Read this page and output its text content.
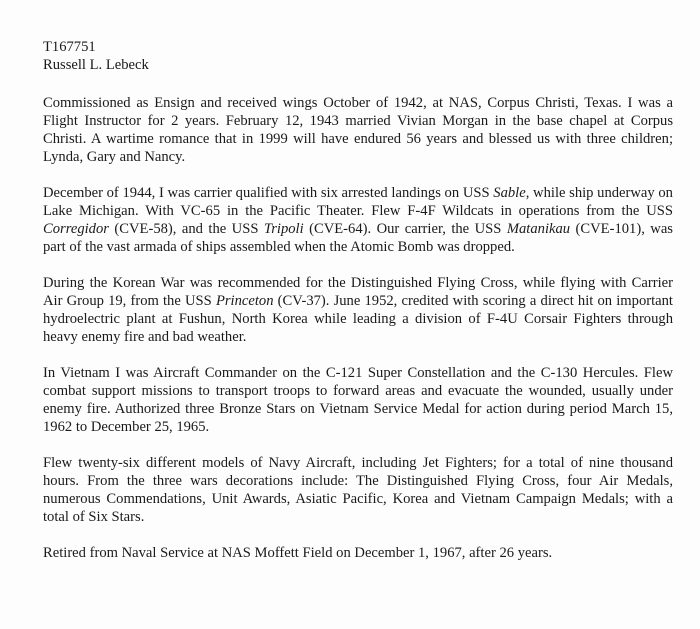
T167751
Russell L. Lebeck

Commissioned as Ensign and received wings October of 1942, at NAS, Corpus Christi, Texas. I was a Flight Instructor for 2 years. February 12, 1943 married Vivian Morgan in the base chapel at Corpus Christi. A wartime romance that in 1999 will have endured 56 years and blessed us with three children; Lynda, Gary and Nancy.

December of 1944, I was carrier qualified with six arrested landings on USS Sable, while ship underway on Lake Michigan. With VC-65 in the Pacific Theater. Flew F-4F Wildcats in operations from the USS Corregidor (CVE-58), and the USS Tripoli (CVE-64). Our carrier, the USS Matanikau (CVE-101), was part of the vast armada of ships assembled when the Atomic Bomb was dropped.

During the Korean War was recommended for the Distinguished Flying Cross, while flying with Carrier Air Group 19, from the USS Princeton (CV-37). June 1952, credited with scoring a direct hit on important hydroelectric plant at Fushun, North Korea while leading a division of F-4U Corsair Fighters through heavy enemy fire and bad weather.

In Vietnam I was Aircraft Commander on the C-121 Super Constellation and the C-130 Hercules. Flew combat support missions to transport troops to forward areas and evacuate the wounded, usually under enemy fire. Authorized three Bronze Stars on Vietnam Service Medal for action during period March 15, 1962 to December 25, 1965.

Flew twenty-six different models of Navy Aircraft, including Jet Fighters; for a total of nine thousand hours. From the three wars decorations include: The Distinguished Flying Cross, four Air Medals, numerous Commendations, Unit Awards, Asiatic Pacific, Korea and Vietnam Campaign Medals; with a total of Six Stars.

Retired from Naval Service at NAS Moffett Field on December 1, 1967, after 26 years.
